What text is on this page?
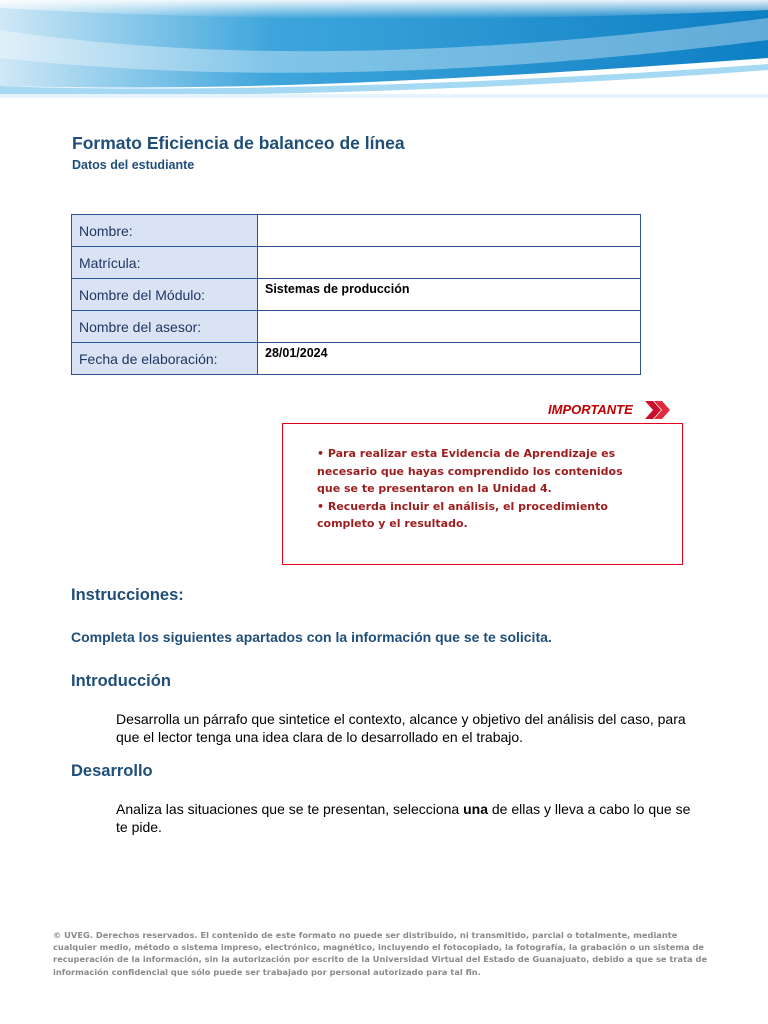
Formato Eficiencia de balanceo de línea

Datos del estudiante

Nombre:	
Matrícula:	
Nombre del Módulo:	Sistemas de producción
Nombre del asesor:	
Fecha de elaboración:	28/01/2024
IMPORTANTE
• Para realizar esta Evidencia de Aprendizaje es necesario que hayas comprendido los contenidos que se te presentaron en la Unidad 4.
• Recuerda incluir el análisis, el procedimiento completo y el resultado.
Instrucciones:

Completa los siguientes apartados con la información que se te solicita.

Introducción

Desarrolla un párrafo que sintetice el contexto, alcance y objetivo del análisis del caso, para que el lector tenga una idea clara de lo desarrollado en el trabajo.

Desarrollo

Analiza las situaciones que se te presentan, selecciona una de ellas y lleva a cabo lo que se te pide.

© UVEG. Derechos reservados. El contenido de este formato no puede ser distribuido, ni transmitido, parcial o totalmente, mediante cualquier medio, método o sistema impreso, electrónico, magnético, incluyendo el fotocopiado, la fotografía, la grabación o un sistema de recuperación de la información, sin la autorización por escrito de la Universidad Virtual del Estado de Guanajuato, debido a que se trata de información confidencial que sólo puede ser trabajado por personal autorizado para tal fin.
